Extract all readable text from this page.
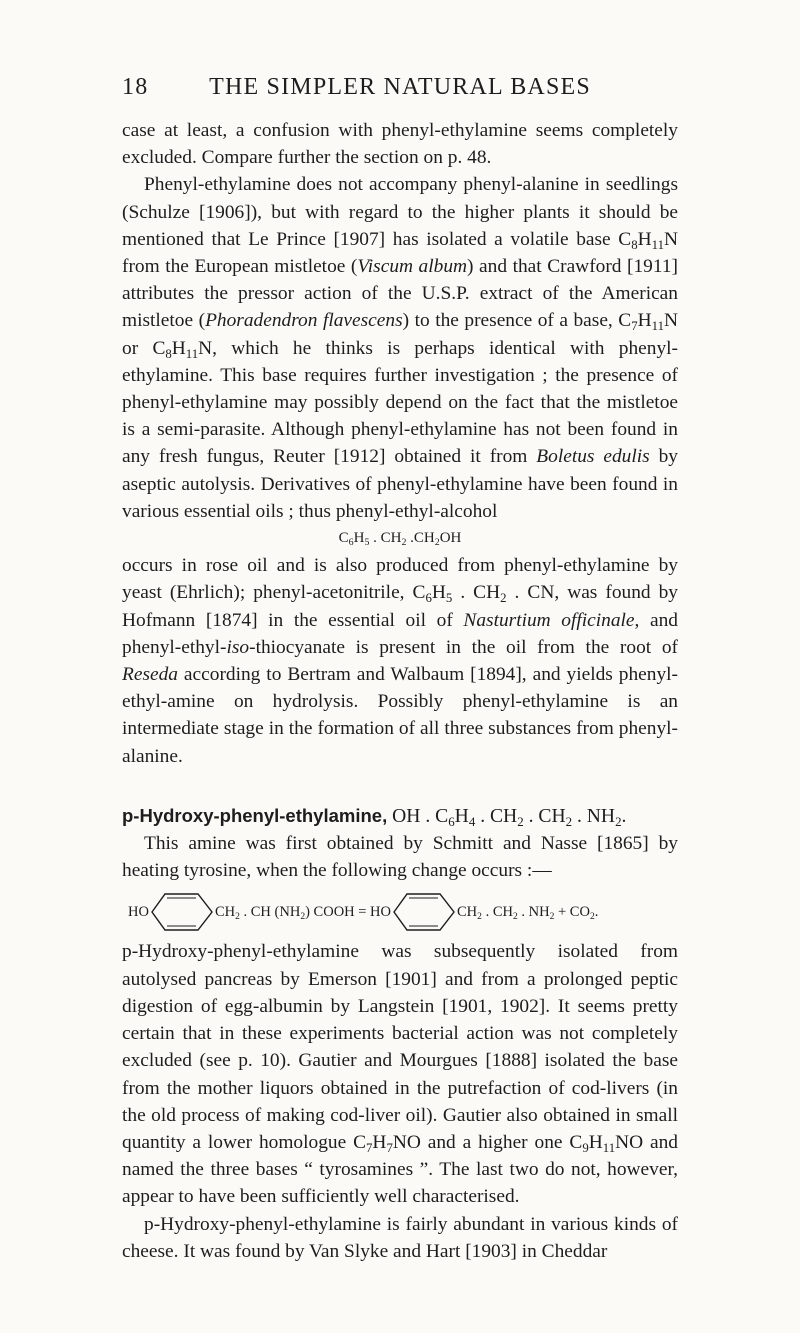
18	THE SIMPLER NATURAL BASES

case at least, a confusion with phenyl-ethylamine seems completely excluded. Compare further the section on p. 48.

Phenyl-ethylamine does not accompany phenyl-alanine in seedlings (Schulze [1906]), but with regard to the higher plants it should be mentioned that Le Prince [1907] has isolated a volatile base $C_8H_{11}N$ from the European mistletoe (Viscum album) and that Crawford [1911] attributes the pressor action of the U.S.P. extract of the American mistletoe (Phoradendron flavescens) to the presence of a base, $C_7H_{11}N$ or $C_8H_{11}N$, which he thinks is perhaps identical with phenyl-ethylamine. This base requires further investigation ; the presence of phenyl-ethylamine may possibly depend on the fact that the mistletoe is a semi-parasite. Although phenyl-ethylamine has not been found in any fresh fungus, Reuter [1912] obtained it from Boletus edulis by aseptic autolysis. Derivatives of phenyl-ethylamine have been found in various essential oils ; thus phenyl-ethyl-alcohol

$C_6H_5$ . $CH_2$ $.CH_2OH$

occurs in rose oil and is also produced from phenyl-ethylamine by yeast (Ehrlich); phenyl-acetonitrile, $C_6H_5$ . $CH_2$ . CN, was found by Hofmann [1874] in the essential oil of Nasturtium officinale, and phenyl-ethyl-iso-thiocyanate is present in the oil from the root of Reseda according to Bertram and Walbaum [1894], and yields phenyl-ethyl-amine on hydrolysis. Possibly phenyl-ethylamine is an intermediate stage in the formation of all three substances from phenyl-alanine.

p-Hydroxy-phenyl-ethylamine, OH . $C_6H_4$ . $CH_2$ . $CH_2$ . $NH_2$.

This amine was first obtained by Schmitt and Nasse [1865] by heating tyrosine, when the following change occurs :—

HO	$CH_2$ . CH $(NH_2)$ COOH = HO	$CH_2$ . $CH_2$ . $NH_2 + CO_2$.

p-Hydroxy-phenyl-ethylamine was subsequently isolated from autolysed pancreas by Emerson [1901] and from a prolonged peptic digestion of egg-albumin by Langstein [1901, 1902]. It seems pretty certain that in these experiments bacterial action was not completely excluded (see p. 10). Gautier and Mourgues [1888] isolated the base from the mother liquors obtained in the putrefaction of cod-livers (in the old process of making cod-liver oil). Gautier also obtained in small quantity a lower homologue $C_7H_7NO$ and a higher one $C_9H_{11}NO$ and named the three bases “ tyrosamines ”. The last two do not, however, appear to have been sufficiently well characterised.

p-Hydroxy-phenyl-ethylamine is fairly abundant in various kinds of cheese. It was found by Van Slyke and Hart [1903] in Cheddar
